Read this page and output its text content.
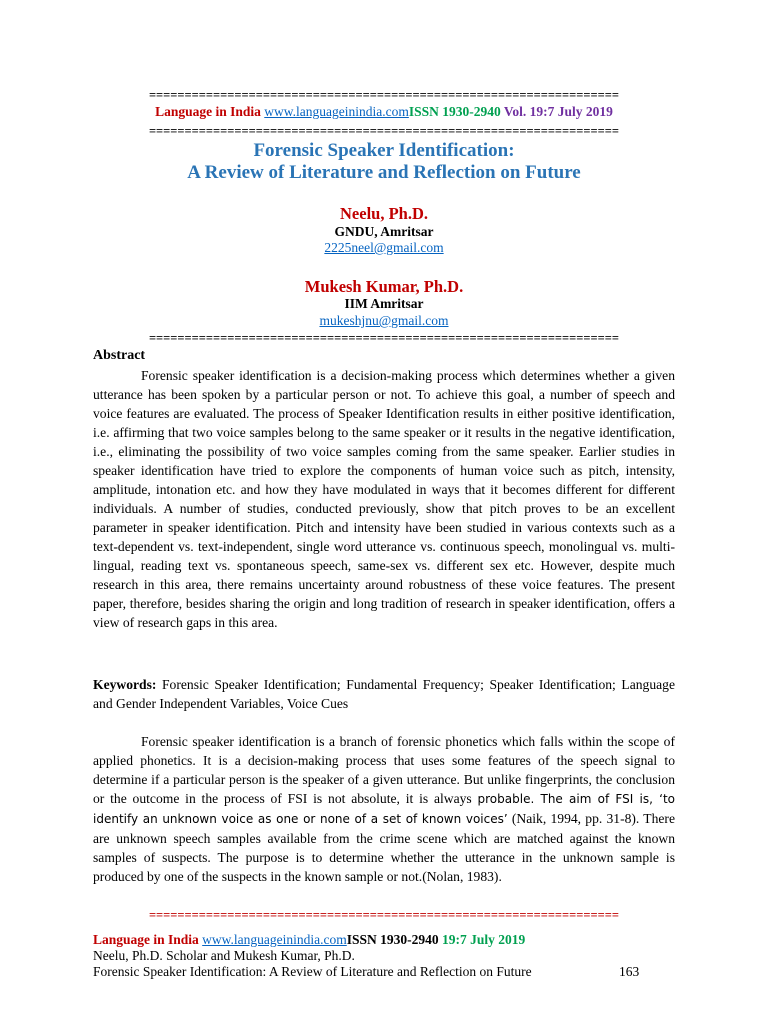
==================================================================
Language in India www.languageinindia.comISSN 1930-2940 Vol. 19:7 July 2019
==================================================================
Forensic Speaker Identification:
A Review of Literature and Reflection on Future
Neelu, Ph.D.
GNDU, Amritsar
2225neel@gmail.com
Mukesh Kumar, Ph.D.
IIM Amritsar
mukeshjnu@gmail.com
==================================================================
Abstract

Forensic speaker identification is a decision-making process which determines whether a given utterance has been spoken by a particular person or not. To achieve this goal, a number of speech and voice features are evaluated. The process of Speaker Identification results in either positive identification, i.e. affirming that two voice samples belong to the same speaker or it results in the negative identification, i.e., eliminating the possibility of two voice samples coming from the same speaker. Earlier studies in speaker identification have tried to explore the components of human voice such as pitch, intensity, amplitude, intonation etc. and how they have modulated in ways that it becomes different for different individuals. A number of studies, conducted previously, show that pitch proves to be an excellent parameter in speaker identification. Pitch and intensity have been studied in various contexts such as a text-dependent vs. text-independent, single word utterance vs. continuous speech, monolingual vs. multi-lingual, reading text vs. spontaneous speech, same-sex vs. different sex etc. However, despite much research in this area, there remains uncertainty around robustness of these voice features. The present paper, therefore, besides sharing the origin and long tradition of research in speaker identification, offers a view of research gaps in this area.

Keywords: Forensic Speaker Identification; Fundamental Frequency; Speaker Identification; Language and Gender Independent Variables, Voice Cues

Forensic speaker identification is a branch of forensic phonetics which falls within the scope of applied phonetics. It is a decision-making process that uses some features of the speech signal to determine if a particular person is the speaker of a given utterance. But unlike fingerprints, the conclusion or the outcome in the process of FSI is not absolute, it is always probable. The aim of FSI is, ‘to identify an unknown voice as one or none of a set of known voices’ (Naik, 1994, pp. 31-8). There are unknown speech samples available from the crime scene which are matched against the known samples of suspects. The purpose is to determine whether the utterance in the unknown sample is produced by one of the suspects in the known sample or not.(Nolan, 1983).

==================================================================
Language in India www.languageinindia.comISSN 1930-2940 19:7 July 2019
Neelu, Ph.D. Scholar and Mukesh Kumar, Ph.D.
Forensic Speaker Identification: A Review of Literature and Reflection on Future	163
